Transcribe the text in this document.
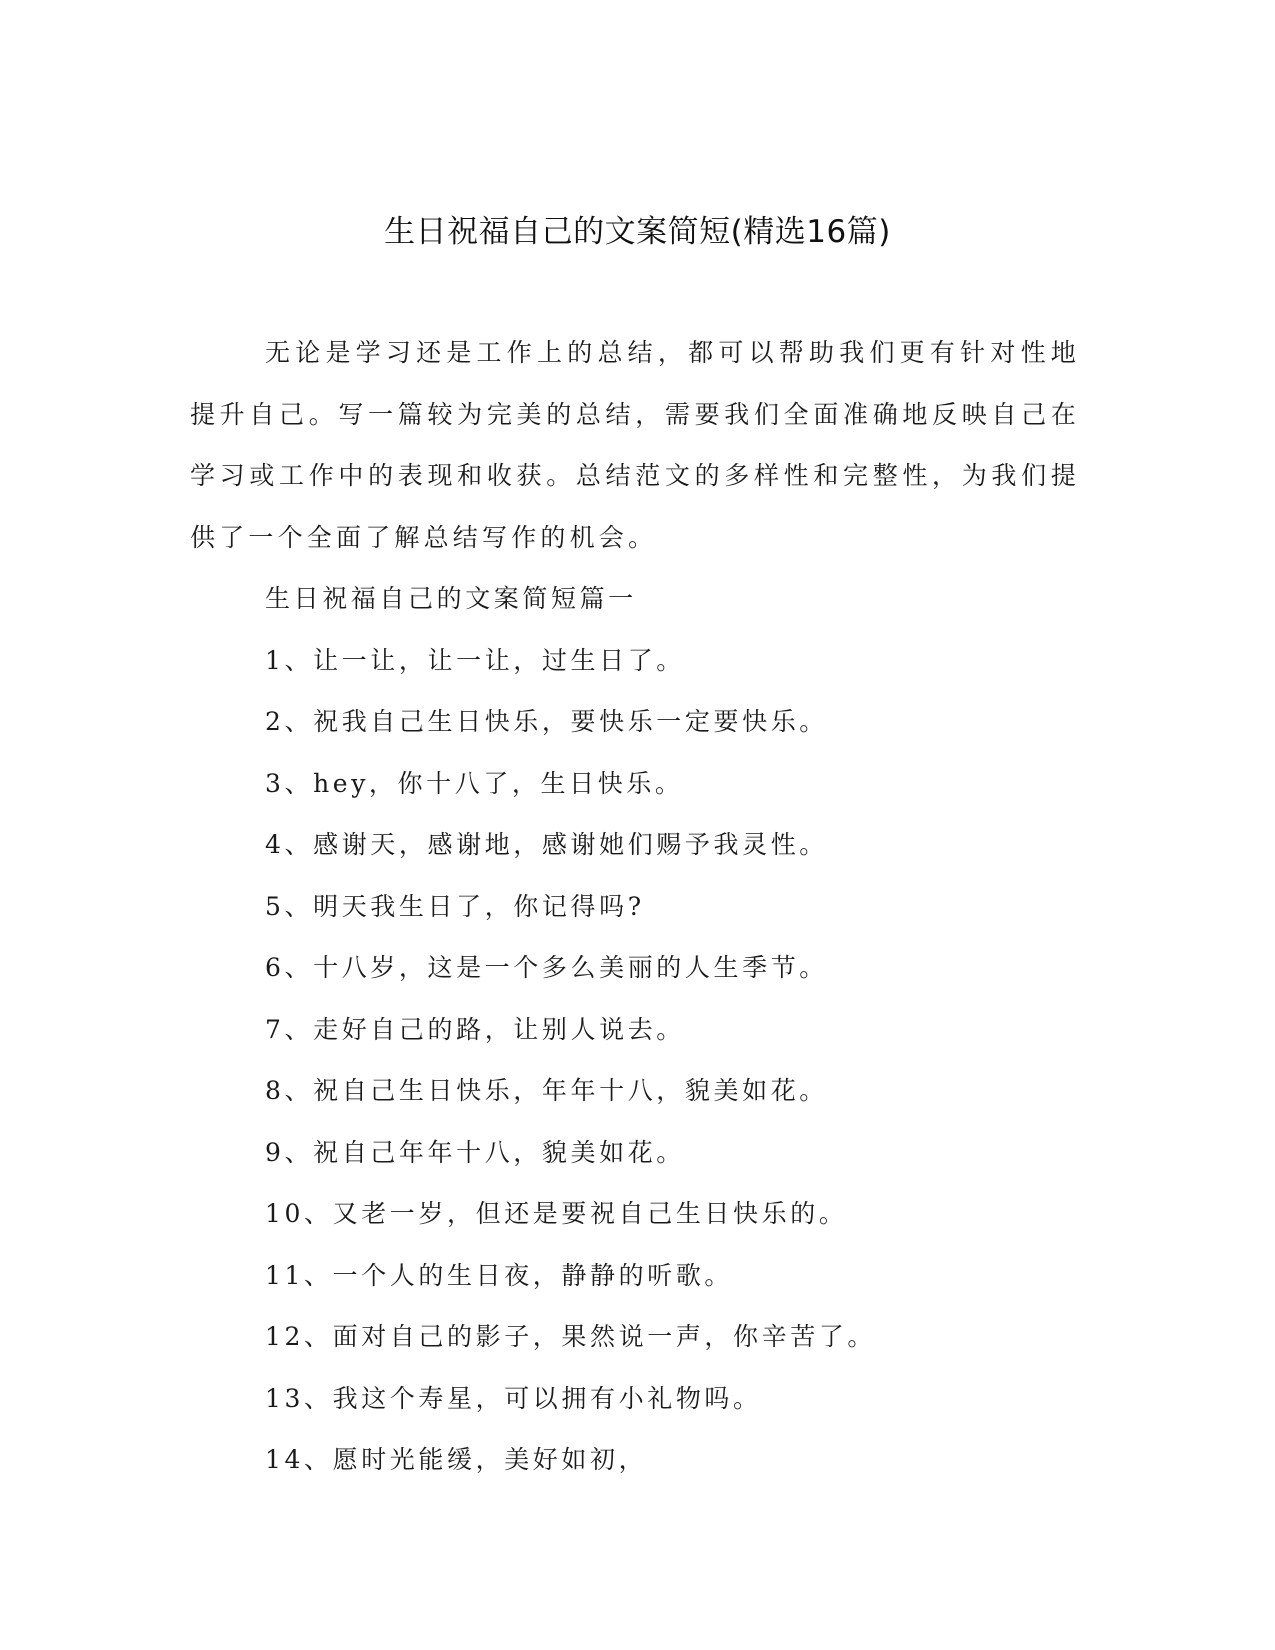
生日祝福自己的文案简短(精选16篇)

无论是学习还是工作上的总结，都可以帮助我们更有针对性地提升自己。写一篇较为完美的总结，需要我们全面准确地反映自己在学习或工作中的表现和收获。总结范文的多样性和完整性，为我们提供了一个全面了解总结写作的机会。

生日祝福自己的文案简短篇一
1、让一让，让一让，过生日了。
2、祝我自己生日快乐，要快乐一定要快乐。
3、hey，你十八了，生日快乐。
4、感谢天，感谢地，感谢她们赐予我灵性。
5、明天我生日了，你记得吗?
6、十八岁，这是一个多么美丽的人生季节。
7、走好自己的路，让别人说去。
8、祝自己生日快乐，年年十八，貌美如花。
9、祝自己年年十八，貌美如花。
10、又老一岁，但还是要祝自己生日快乐的。
11、一个人的生日夜，静静的听歌。
12、面对自己的影子，果然说一声，你辛苦了。
13、我这个寿星，可以拥有小礼物吗。
14、愿时光能缓，美好如初，
